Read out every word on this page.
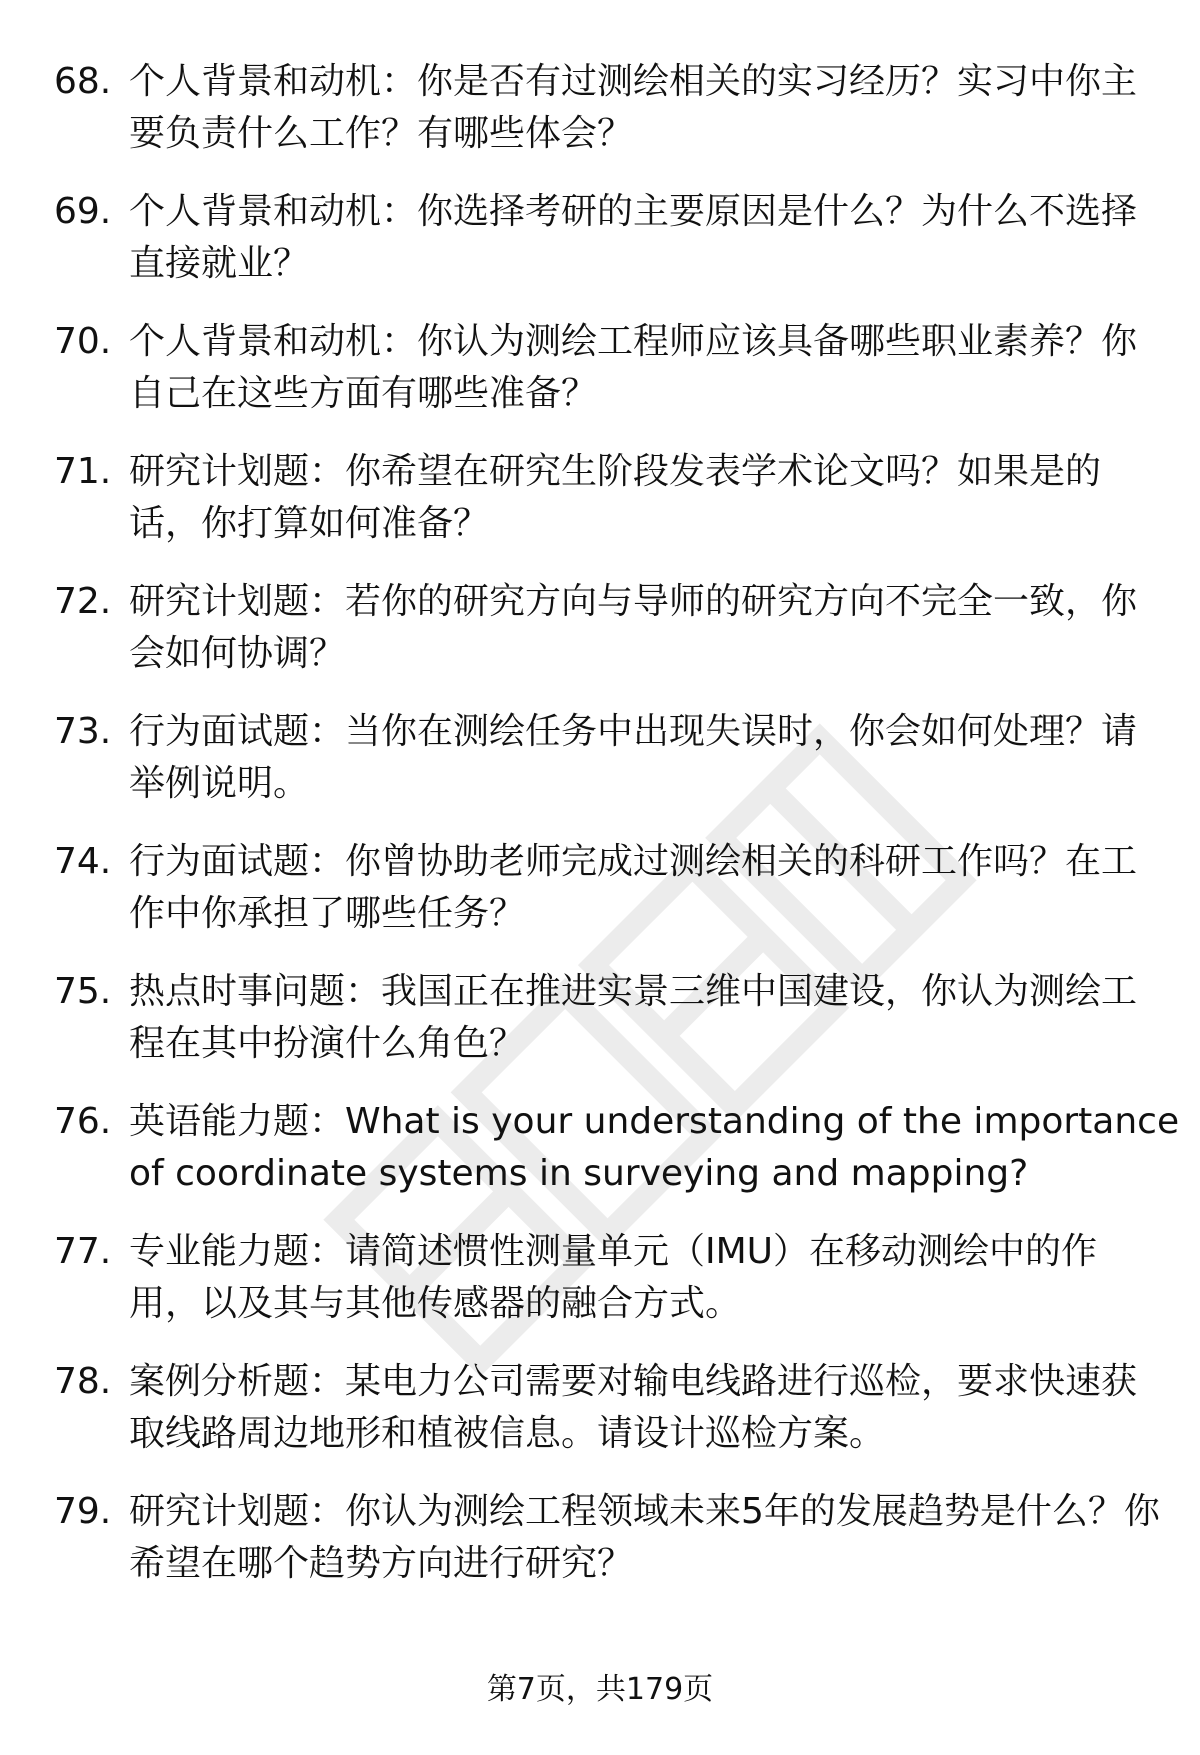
68. 个人背景和动机：你是否有过测绘相关的实习经历？实习中你主
要负责什么工作？有哪些体会？
69. 个人背景和动机：你选择考研的主要原因是什么？为什么不选择
直接就业？
70. 个人背景和动机：你认为测绘工程师应该具备哪些职业素养？你
自己在这些方面有哪些准备？
71. 研究计划题：你希望在研究生阶段发表学术论文吗？如果是的
话，你打算如何准备？
72. 研究计划题：若你的研究方向与导师的研究方向不完全一致，你
会如何协调？
73. 行为面试题：当你在测绘任务中出现失误时，你会如何处理？请
举例说明。
74. 行为面试题：你曾协助老师完成过测绘相关的科研工作吗？在工
作中你承担了哪些任务？
75. 热点时事问题：我国正在推进实景三维中国建设，你认为测绘工
程在其中扮演什么角色？
76. 英语能力题：What is your understanding of the importance
of coordinate systems in surveying and mapping?
77. 专业能力题：请简述惯性测量单元（IMU）在移动测绘中的作
用，以及其与其他传感器的融合方式。
78. 案例分析题：某电力公司需要对输电线路进行巡检，要求快速获
取线路周边地形和植被信息。请设计巡检方案。
79. 研究计划题：你认为测绘工程领域未来5年的发展趋势是什么？你
希望在哪个趋势方向进行研究？
第7页，共179页
